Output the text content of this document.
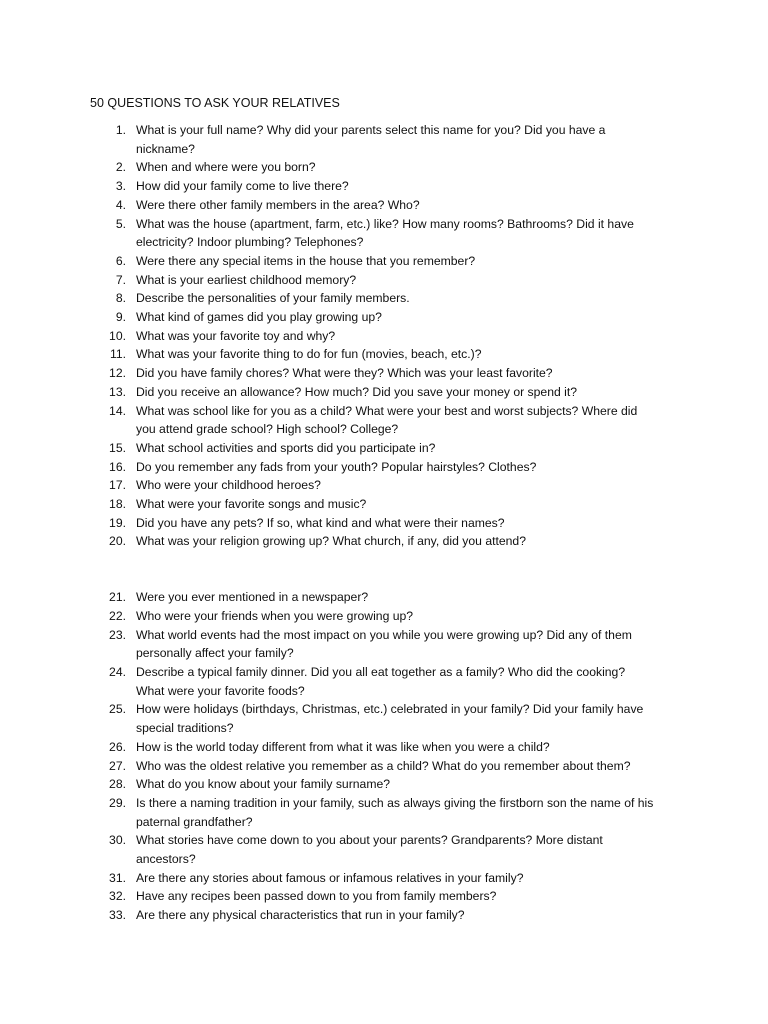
50 QUESTIONS TO ASK YOUR RELATIVES
1. What is your full name? Why did your parents select this name for you? Did you have a
nickname?
2. When and where were you born?
3. How did your family come to live there?
4. Were there other family members in the area? Who?
5. What was the house (apartment, farm, etc.) like? How many rooms? Bathrooms? Did it have
electricity? Indoor plumbing? Telephones?
6. Were there any special items in the house that you remember?
7. What is your earliest childhood memory?
8. Describe the personalities of your family members.
9. What kind of games did you play growing up?
10. What was your favorite toy and why?
11. What was your favorite thing to do for fun (movies, beach, etc.)?
12. Did you have family chores? What were they? Which was your least favorite?
13. Did you receive an allowance? How much? Did you save your money or spend it?
14. What was school like for you as a child? What were your best and worst subjects? Where did
you attend grade school? High school? College?
15. What school activities and sports did you participate in?
16. Do you remember any fads from your youth? Popular hairstyles? Clothes?
17. Who were your childhood heroes?
18. What were your favorite songs and music?
19. Did you have any pets? If so, what kind and what were their names?
20. What was your religion growing up? What church, if any, did you attend?
21. Were you ever mentioned in a newspaper?
22. Who were your friends when you were growing up?
23. What world events had the most impact on you while you were growing up? Did any of them
personally affect your family?
24. Describe a typical family dinner. Did you all eat together as a family? Who did the cooking?
What were your favorite foods?
25. How were holidays (birthdays, Christmas, etc.) celebrated in your family? Did your family have
special traditions?
26. How is the world today different from what it was like when you were a child?
27. Who was the oldest relative you remember as a child? What do you remember about them?
28. What do you know about your family surname?
29. Is there a naming tradition in your family, such as always giving the firstborn son the name of his
paternal grandfather?
30. What stories have come down to you about your parents? Grandparents? More distant
ancestors?
31. Are there any stories about famous or infamous relatives in your family?
32. Have any recipes been passed down to you from family members?
33. Are there any physical characteristics that run in your family?
